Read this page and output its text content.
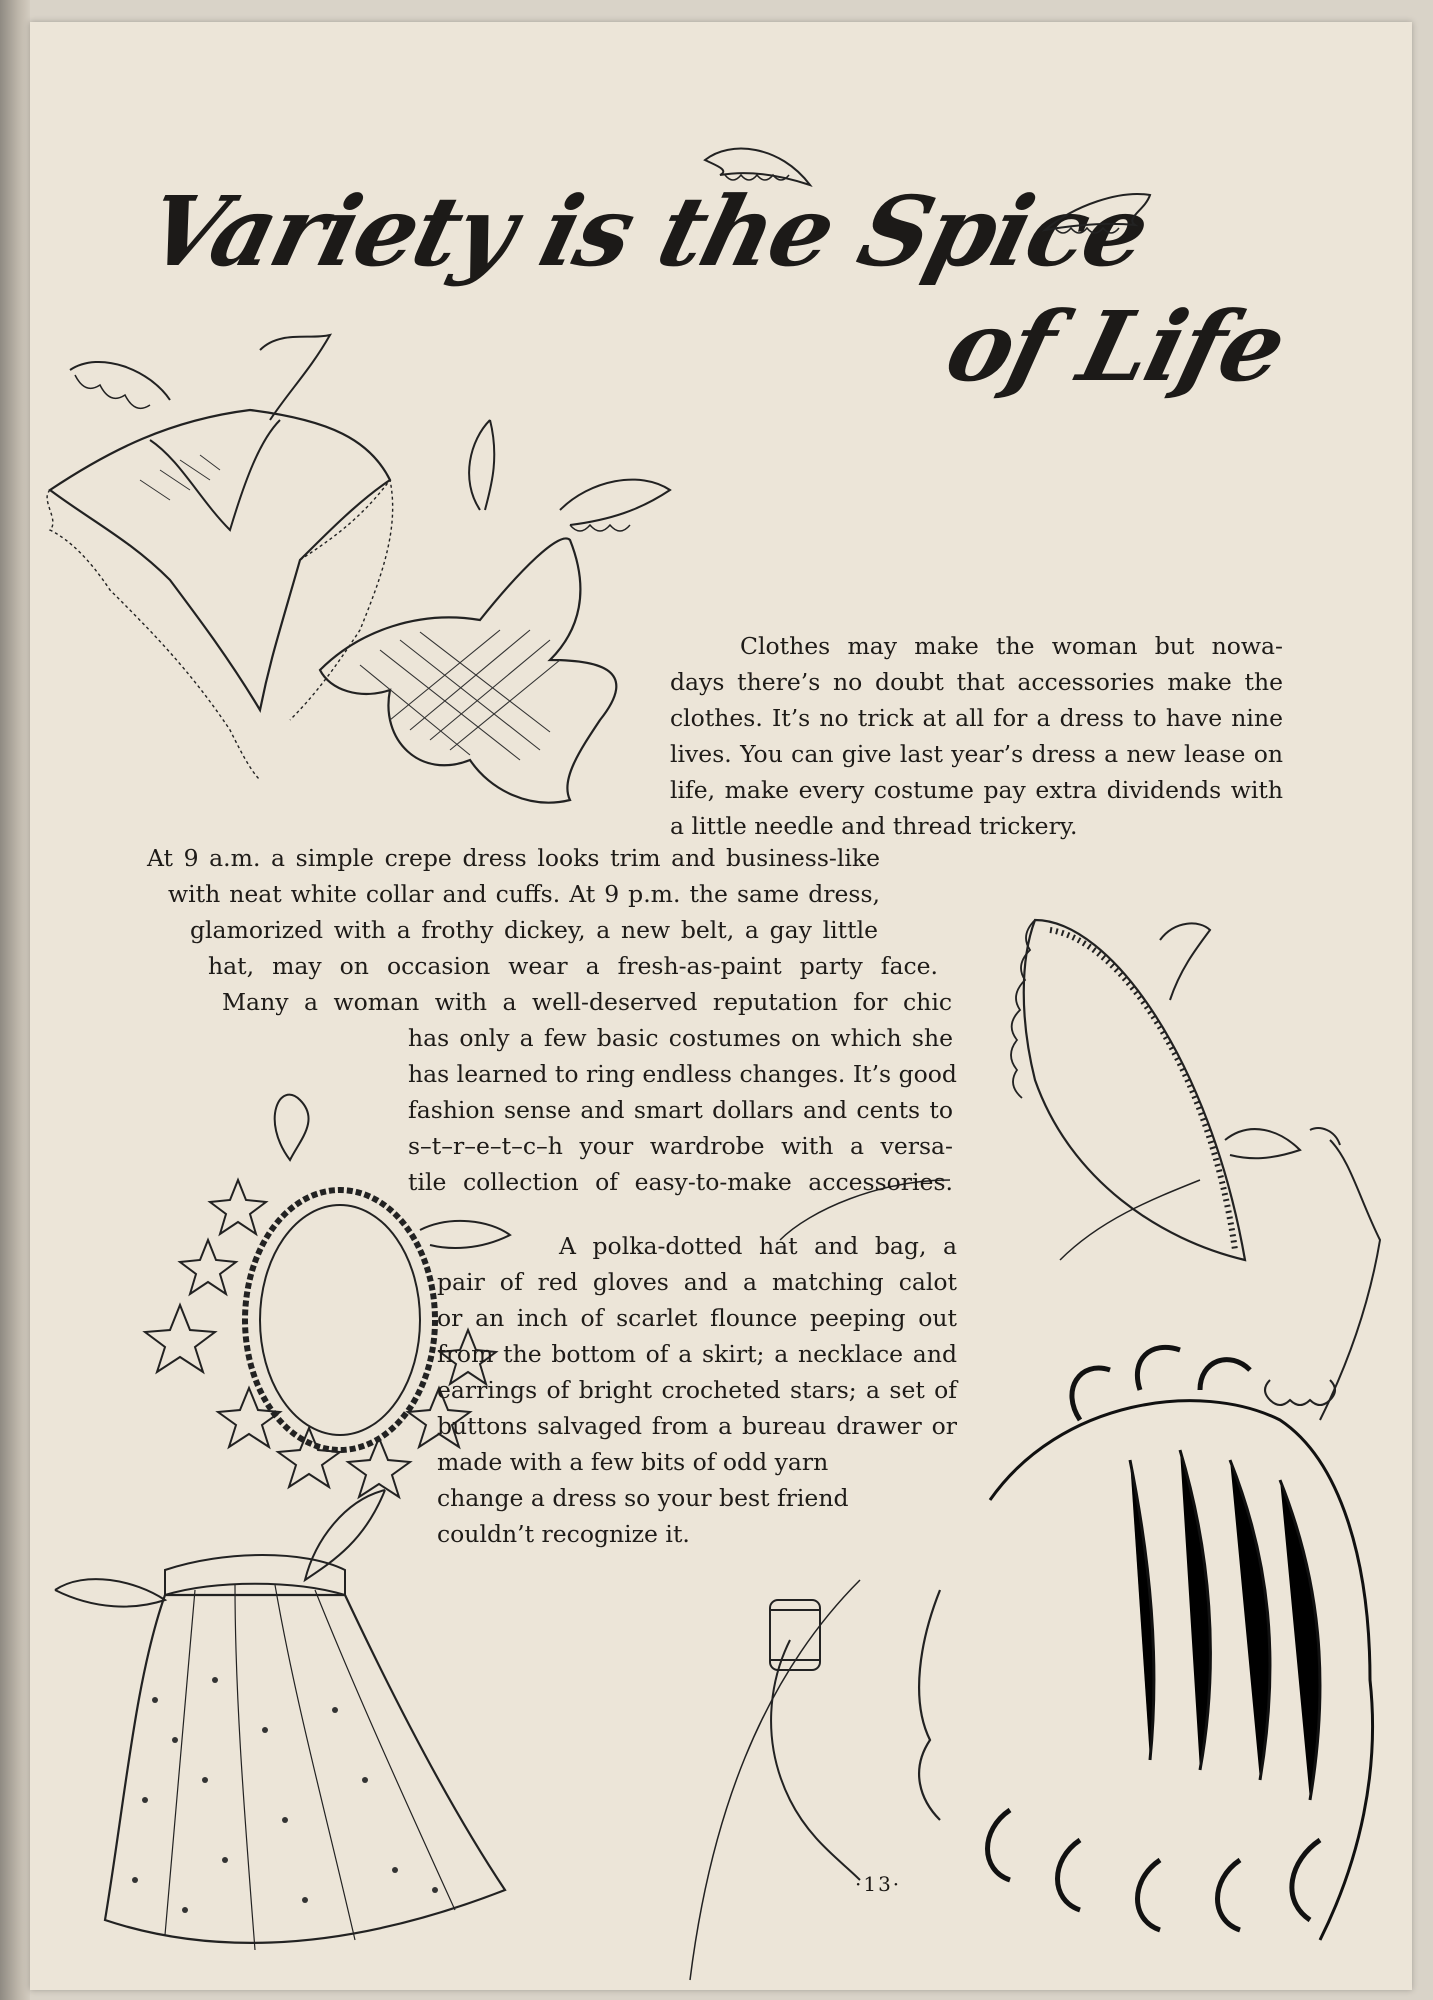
Variety is the Spice
of Life
Clothes may make the woman but nowa-
days there’s no doubt that accessories make the
clothes. It’s no trick at all for a dress to have nine
lives. You can give last year’s dress a new lease on
life, make every costume pay extra dividends with
a little needle and thread trickery.
At 9 a.m. a simple crepe dress looks trim and business-like
with neat white collar and cuffs. At 9 p.m. the same dress,
glamorized with a frothy dickey, a new belt, a gay little
hat, may on occasion wear a fresh-as-paint party face.
Many a woman with a well-deserved reputation for chic
has only a few basic costumes on which she
has learned to ring endless changes. It’s good
fashion sense and smart dollars and cents to
s–t–r–e–t–c–h your wardrobe with a versa-
tile collection of easy-to-make accessories.
A polka-dotted hat and bag, a
pair of red gloves and a matching calot
or an inch of scarlet flounce peeping out
from the bottom of a skirt; a necklace and
earrings of bright crocheted stars; a set of
buttons salvaged from a bureau drawer or
made with a few bits of odd yarn
change a dress so your best friend
couldn’t recognize it.
·13·
